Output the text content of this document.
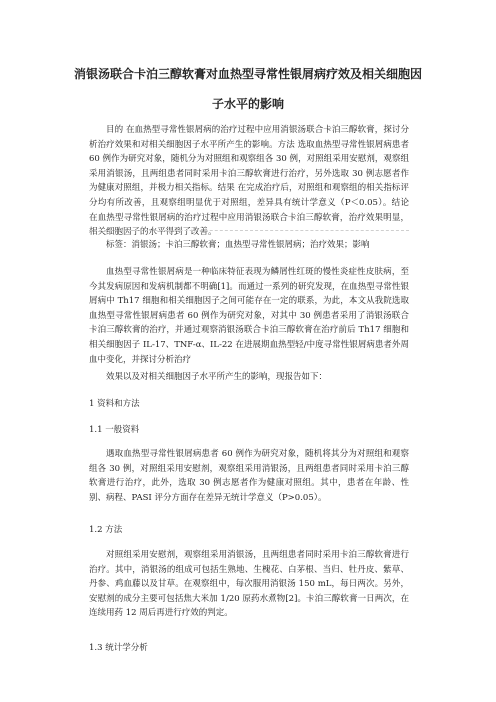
消银汤联合卡泊三醇软膏对血热型寻常性银屑病疗效及相关细胞因
子水平的影响

目的 在血热型寻常性银屑病的治疗过程中应用消银汤联合卡泊三醇软膏，探讨分析治疗效果和对相关细胞因子水平所产生的影响。方法 选取血热型寻常性银屑病患者 60 例作为研究对象，随机分为对照组和观察组各 30 例，对照组采用安慰剂，观察组采用消银汤，且两组患者同时采用卡泊三醇软膏进行治疗，另外选取 30 例志愿者作为健康对照组，并极力相关指标。结果 在完成治疗后，对照组和观察组的相关指标评分均有所改善，且观察组明显优于对照组，差异具有统计学意义（P＜0.05）。结论 在血热型寻常性银屑病的治疗过程中应用消银汤联合卡泊三醇软膏，治疗效果明显，相关细胞因子的水平得到了改善。

标签：消银汤；卡泊三醇软膏；血热型寻常性银屑病；治疗效果；影响

血热型寻常性银屑病是一种临床特征表现为鳞屑性红斑的慢性炎症性皮肤病，至今其发病原因和发病机制都不明确[1]。而通过一系列的研究发现，在血热型寻常性银屑病中 Th17 细胞和相关细胞因子之间可能存在一定的联系，为此，本文从我院选取血热型寻常性银屑病患者 60 例作为研究对象，对其中 30 例患者采用了消银汤联合卡泊三醇软膏的治疗，并通过观察消银汤联合卡泊三醇软膏在治疗前后 Th17 细胞和相关细胞因子 IL-17、TNF-α、IL-22 在进展期血热型轻/中度寻常性银屑病患者外周血中变化，并探讨分析治疗

效果以及对相关细胞因子水平所产生的影响，现报告如下：

1 资料和方法

1.1 一般资料

遇取血热型寻常性银屑病患者 60 例作为研究对象，随机将其分为对照组和观察组各 30 例，对照组采用安慰剂，观察组采用消银汤，且两组患者同时采用卡泊三醇软膏进行治疗，此外，选取 30 例志愿者作为健康对照组。其中，患者在年龄、性别、病程、PASI 评分方面存在差异无统计学意义（P>0.05）。

1.2 方法

对照组采用安慰剂，观察组采用消银汤，且两组患者同时采用卡泊三醇软膏进行治疗。其中，消银汤的组成可包括生熟地、生槐花、白茅根、当归、牡丹皮、紫草、丹参、鸡血藤以及甘草。在观察组中，每次服用消银汤 150 mL，每日两次。另外，安慰剂的成分主要可包括焦大米加 1/20 原药水煮物[2]。卡泊三醇软膏一日两次，在连续用药 12 周后再进行疗效的判定。

1.3 统计学分析
